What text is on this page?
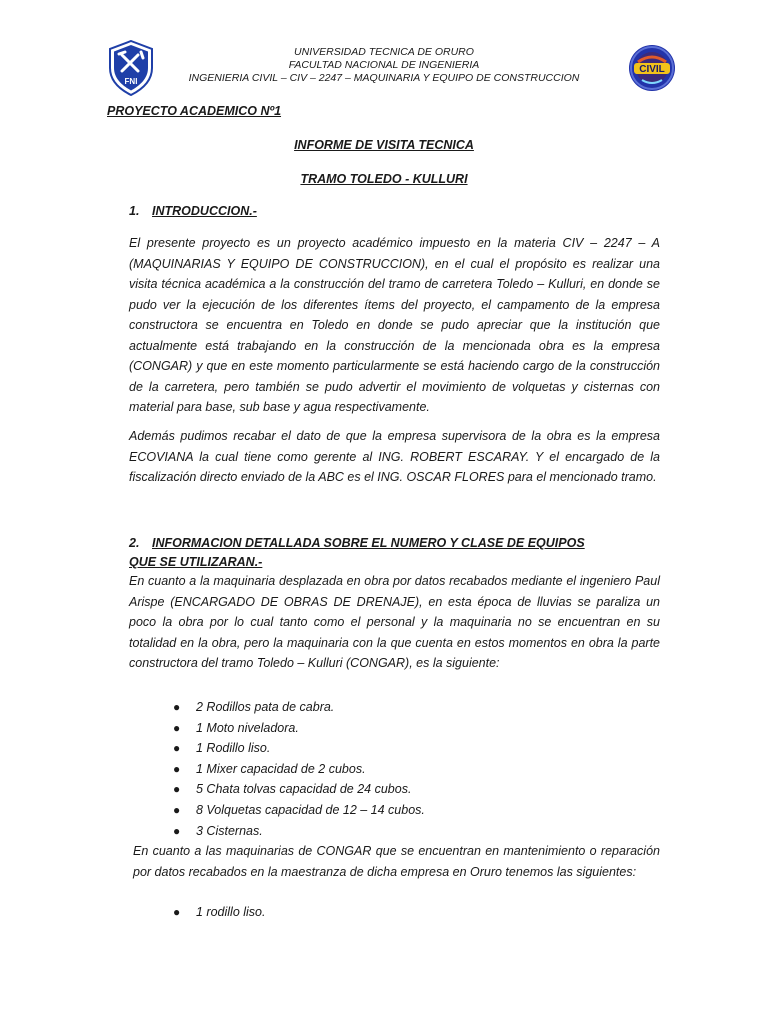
FNI
UNIVERSIDAD TECNICA DE ORURO
FACULTAD NACIONAL DE INGENIERIA
INGENIERIA CIVIL – CIV – 2247 – MAQUINARIA Y EQUIPO DE CONSTRUCCION
CIVIL
PROYECTO ACADEMICO Nº1
INFORME DE VISITA TECNICA
TRAMO TOLEDO - KULLURI
1. INTRODUCCION.-
El presente proyecto es un proyecto académico impuesto en la materia CIV – 2247 – A (MAQUINARIAS Y EQUIPO DE CONSTRUCCION), en el cual el propósito es realizar una visita técnica académica a la construcción del tramo de carretera Toledo – Kulluri, en donde se pudo ver la ejecución de los diferentes ítems del proyecto, el campamento de la empresa constructora se encuentra en Toledo en donde se pudo apreciar que la institución que actualmente está trabajando en la construcción de la mencionada obra es la empresa (CONGAR) y que en este momento particularmente se está haciendo cargo de la construcción de la carretera, pero también se pudo advertir el movimiento de volquetas y cisternas con material para base, sub base y agua respectivamente.
Además pudimos recabar el dato de que la empresa supervisora de la obra es la empresa ECOVIANA la cual tiene como gerente al ING. ROBERT ESCARAY. Y el encargado de la fiscalización directo enviado de la ABC es el ING. OSCAR FLORES para el mencionado tramo.
2. INFORMACION DETALLADA SOBRE EL NUMERO Y CLASE DE EQUIPOS QUE SE UTILIZARAN.-
En cuanto a la maquinaria desplazada en obra por datos recabados mediante el ingeniero Paul Arispe (ENCARGADO DE OBRAS DE DRENAJE), en esta época de lluvias se paraliza un poco la obra por lo cual tanto como el personal y la maquinaria no se encuentran en su totalidad en la obra, pero la maquinaria con la que cuenta en estos momentos en obra la parte constructora del tramo Toledo – Kulluri (CONGAR), es la siguiente:
● 2 Rodillos pata de cabra.
● 1 Moto niveladora.
● 1 Rodillo liso.
● 1 Mixer capacidad de 2 cubos.
● 5 Chata tolvas capacidad de 24 cubos.
● 8 Volquetas capacidad de 12 – 14 cubos.
● 3 Cisternas.
En cuanto a las maquinarias de CONGAR que se encuentran en mantenimiento o reparación por datos recabados en la maestranza de dicha empresa en Oruro tenemos las siguientes:
● 1 rodillo liso.
